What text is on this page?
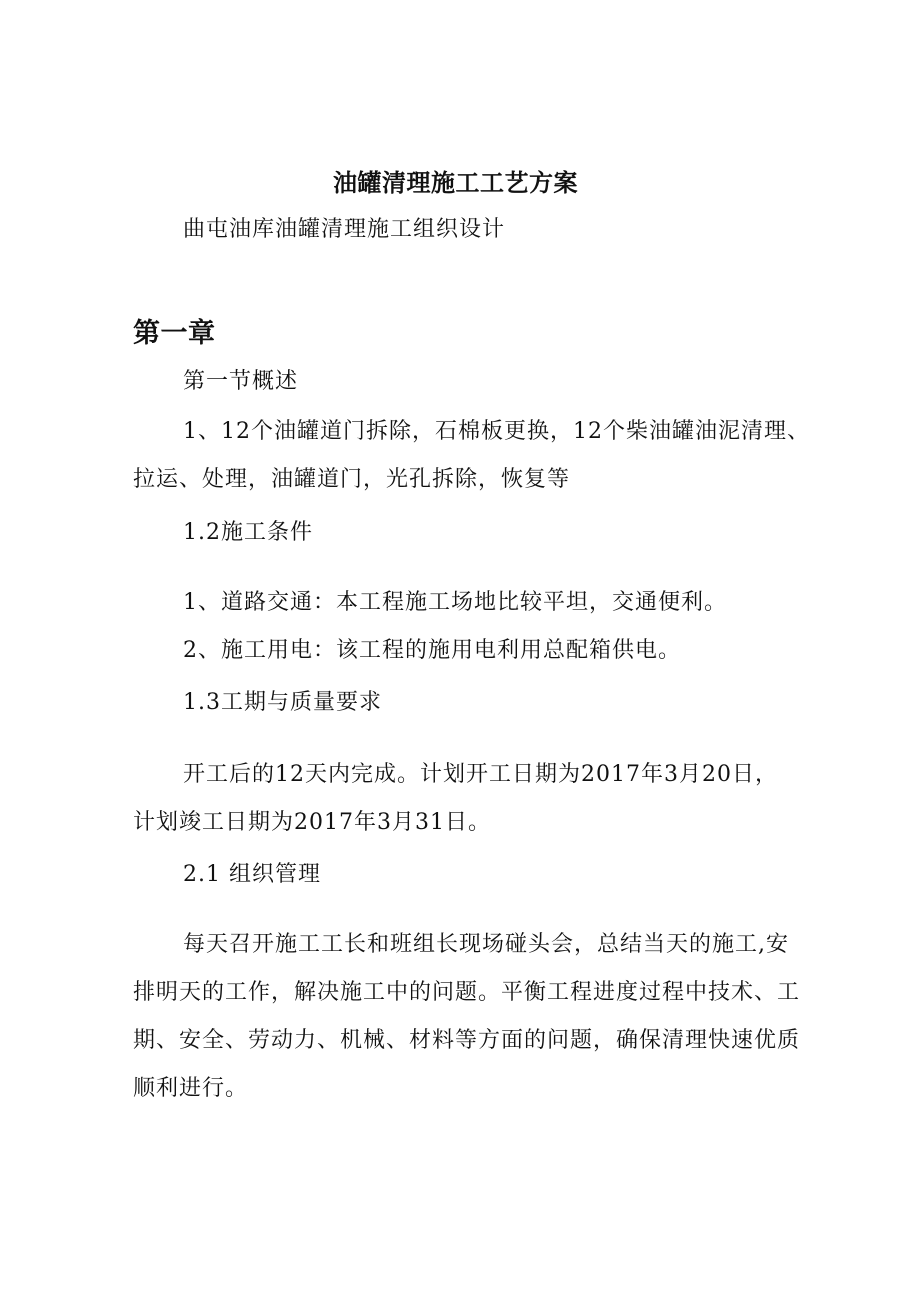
油罐清理施工工艺方案
曲屯油库油罐清理施工组织设计
第一章
第一节概述
1、12个油罐道门拆除，石棉板更换，12个柴油罐油泥清理、
拉运、处理，油罐道门，光孔拆除，恢复等
1.2施工条件
1、道路交通：本工程施工场地比较平坦，交通便利。
2、施工用电：该工程的施用电利用总配箱供电。
1.3工期与质量要求
开工后的12天内完成。计划开工日期为2017年3月20日，
计划竣工日期为2017年3月31日。
2.1 组织管理
每天召开施工工长和班组长现场碰头会，总结当天的施工,安
排明天的工作，解决施工中的问题。平衡工程进度过程中技术、工
期、安全、劳动力、机械、材料等方面的问题，确保清理快速优质
顺利进行。
